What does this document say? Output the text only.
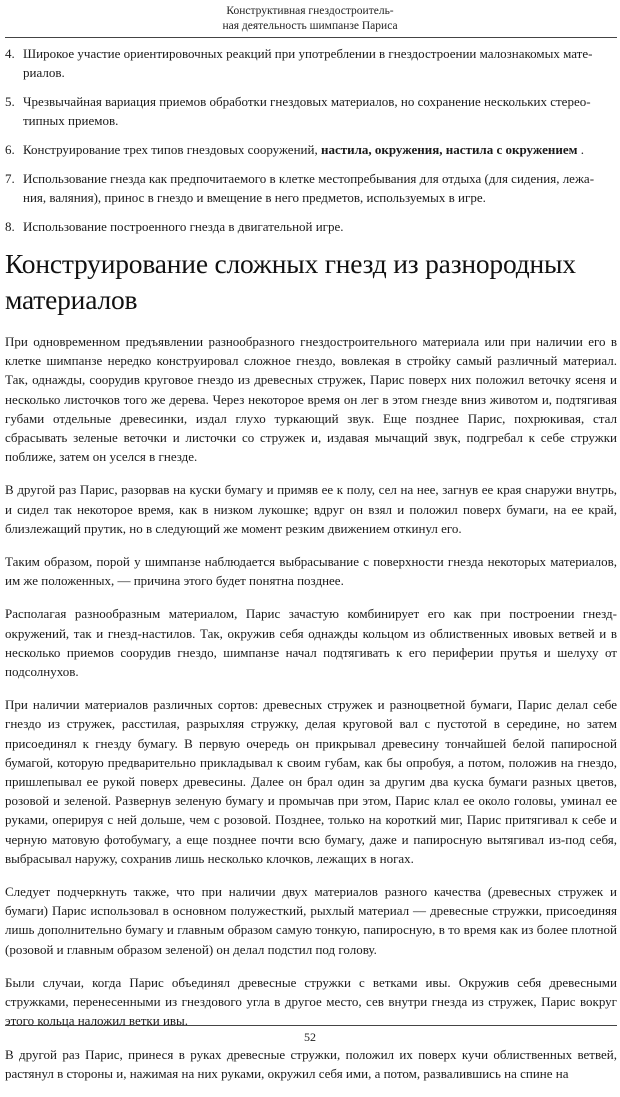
Конструктивная гнездостроитель-
ная деятельность шимпанзе Париса
4. Широкое участие ориентировочных реакций при употреблении в гнездостроении малознакомых мате-
риалов.
5. Чрезвычайная вариация приемов обработки гнездовых материалов, но сохранение нескольких стерео-
типных приемов.
6. Конструирование трех типов гнездовых сооружений, настила, окружения, настила с окружением .
7. Использование гнезда как предпочитаемого в клетке местопребывания для отдыха (для сидения, лежа-
ния, валяния), принос в гнездо и вмещение в него предметов, используемых в игре.
8. Использование построенного гнезда в двигательной игре.
Конструирование сложных гнезд из разнородных
материалов

При одновременном предъявлении разнообразного гнездостроительного материала или при наличии его в клетке шимпанзе нередко конструировал сложное гнездо, вовлекая в стройку самый различный материал. Так, однажды, соорудив круговое гнездо из древесных стружек, Парис поверх них положил веточку ясеня и несколько листочков того же дерева. Через некоторое время он лег в этом гнезде вниз животом и, подтягивая губами отдельные древесинки, издал глухо туркающий звук. Еще позднее Парис, похрюкивая, стал сбрасывать зеленые веточки и листочки со стружек и, издавая мычащий звук, подгребал к себе стружки поближе, затем он уселся в гнезде.

В другой раз Парис, разорвав на куски бумагу и примяв ее к полу, сел на нее, загнув ее края снаружи внутрь, и сидел так некоторое время, как в низком лукошке; вдруг он взял и положил поверх бумаги, на ее край, близлежащий прутик, но в следующий же момент резким движением откинул его.

Таким образом, порой у шимпанзе наблюдается выбрасывание с поверхности гнезда некоторых материалов, им же положенных, — причина этого будет понятна позднее.

Располагая разнообразным материалом, Парис зачастую комбинирует его как при построении гнезд-окружений, так и гнезд-настилов. Так, окружив себя однажды кольцом из облиственных ивовых ветвей и в несколько приемов соорудив гнездо, шимпанзе начал подтягивать к его периферии прутья и шелуху от подсолнухов.

При наличии материалов различных сортов: древесных стружек и разноцветной бумаги, Парис делал себе гнездо из стружек, расстилая, разрыхляя стружку, делая круговой вал с пустотой в середине, но затем присоединял к гнезду бумагу. В первую очередь он прикрывал древесину тончайшей белой папиросной бумагой, которую предварительно прикладывал к своим губам, как бы опробуя, а потом, положив на гнездо, пришлепывал ее рукой поверх древесины. Далее он брал один за другим два куска бумаги разных цветов, розовой и зеленой. Развернув зеленую бумагу и промычав при этом, Парис клал ее около головы, уминал ее руками, оперируя с ней дольше, чем с розовой. Позднее, только на короткий миг, Парис притягивал к себе и черную матовую фотобумагу, а еще позднее почти всю бумагу, даже и папиросную вытягивал из-под себя, выбрасывал наружу, сохранив лишь несколько клочков, лежащих в ногах.

Следует подчеркнуть также, что при наличии двух материалов разного качества (древесных стружек и бумаги) Парис использовал в основном полужесткий, рыхлый материал — древесные стружки, присоединяя лишь дополнительно бумагу и главным образом самую тонкую, папиросную, в то время как из более плотной (розовой и главным образом зеленой) он делал подстил под голову.

Были случаи, когда Парис объединял древесные стружки с ветками ивы. Окружив себя древесными стружками, перенесенными из гнездового угла в другое место, сев внутри гнезда из стружек, Парис вокруг этого кольца наложил ветки ивы.

В другой раз Парис, принеся в руках древесные стружки, положил их поверх кучи облиственных ветвей, растянул в стороны и, нажимая на них руками, окружил себя ими, а потом, развалившись на спине на

52
